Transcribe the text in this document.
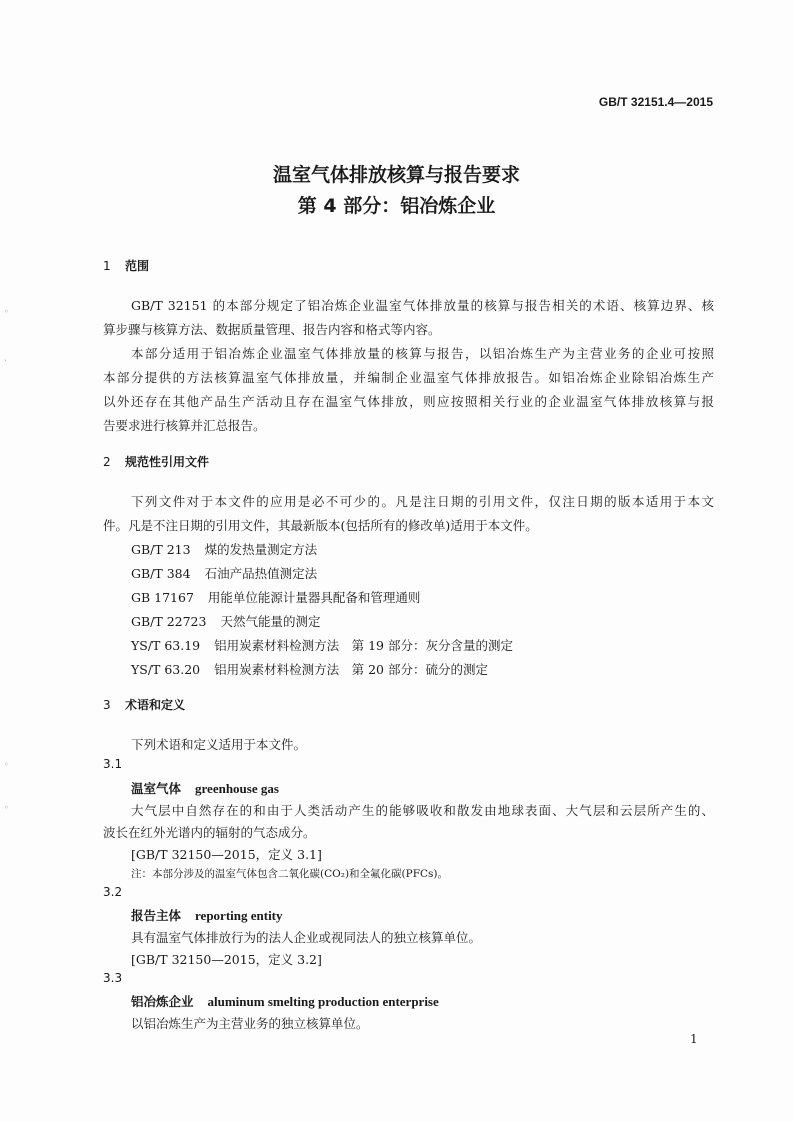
◦
ˎ
◦
◦
GB/T 32151.4—2015
温室气体排放核算与报告要求
第 4 部分：铝冶炼企业
1 范围
GB/T 32151 的本部分规定了铝冶炼企业温室气体排放量的核算与报告相关的术语、核算边界、核
算步骤与核算方法、数据质量管理、报告内容和格式等内容。
本部分适用于铝冶炼企业温室气体排放量的核算与报告，以铝冶炼生产为主营业务的企业可按照
本部分提供的方法核算温室气体排放量，并编制企业温室气体排放报告。如铝冶炼企业除铝冶炼生产
以外还存在其他产品生产活动且存在温室气体排放，则应按照相关行业的企业温室气体排放核算与报
告要求进行核算并汇总报告。
2 规范性引用文件
下列文件对于本文件的应用是必不可少的。凡是注日期的引用文件，仅注日期的版本适用于本文
件。凡是不注日期的引用文件，其最新版本(包括所有的修改单)适用于本文件。
GB/T 213 煤的发热量测定方法
GB/T 384 石油产品热值测定法
GB 17167 用能单位能源计量器具配备和管理通则
GB/T 22723 天然气能量的测定
YS/T 63.19 铝用炭素材料检测方法　第 19 部分：灰分含量的测定
YS/T 63.20 铝用炭素材料检测方法　第 20 部分：硫分的测定
3 术语和定义
下列术语和定义适用于本文件。
3.1
温室气体 greenhouse gas
大气层中自然存在的和由于人类活动产生的能够吸收和散发由地球表面、大气层和云层所产生的、
波长在红外光谱内的辐射的气态成分。
[GB/T 32150—2015，定义 3.1]
注：本部分涉及的温室气体包含二氧化碳(CO₂)和全氟化碳(PFCs)。
3.2
报告主体 reporting entity
具有温室气体排放行为的法人企业或视同法人的独立核算单位。
[GB/T 32150—2015，定义 3.2]
3.3
铝冶炼企业 aluminum smelting production enterprise
以铝冶炼生产为主营业务的独立核算单位。
1
